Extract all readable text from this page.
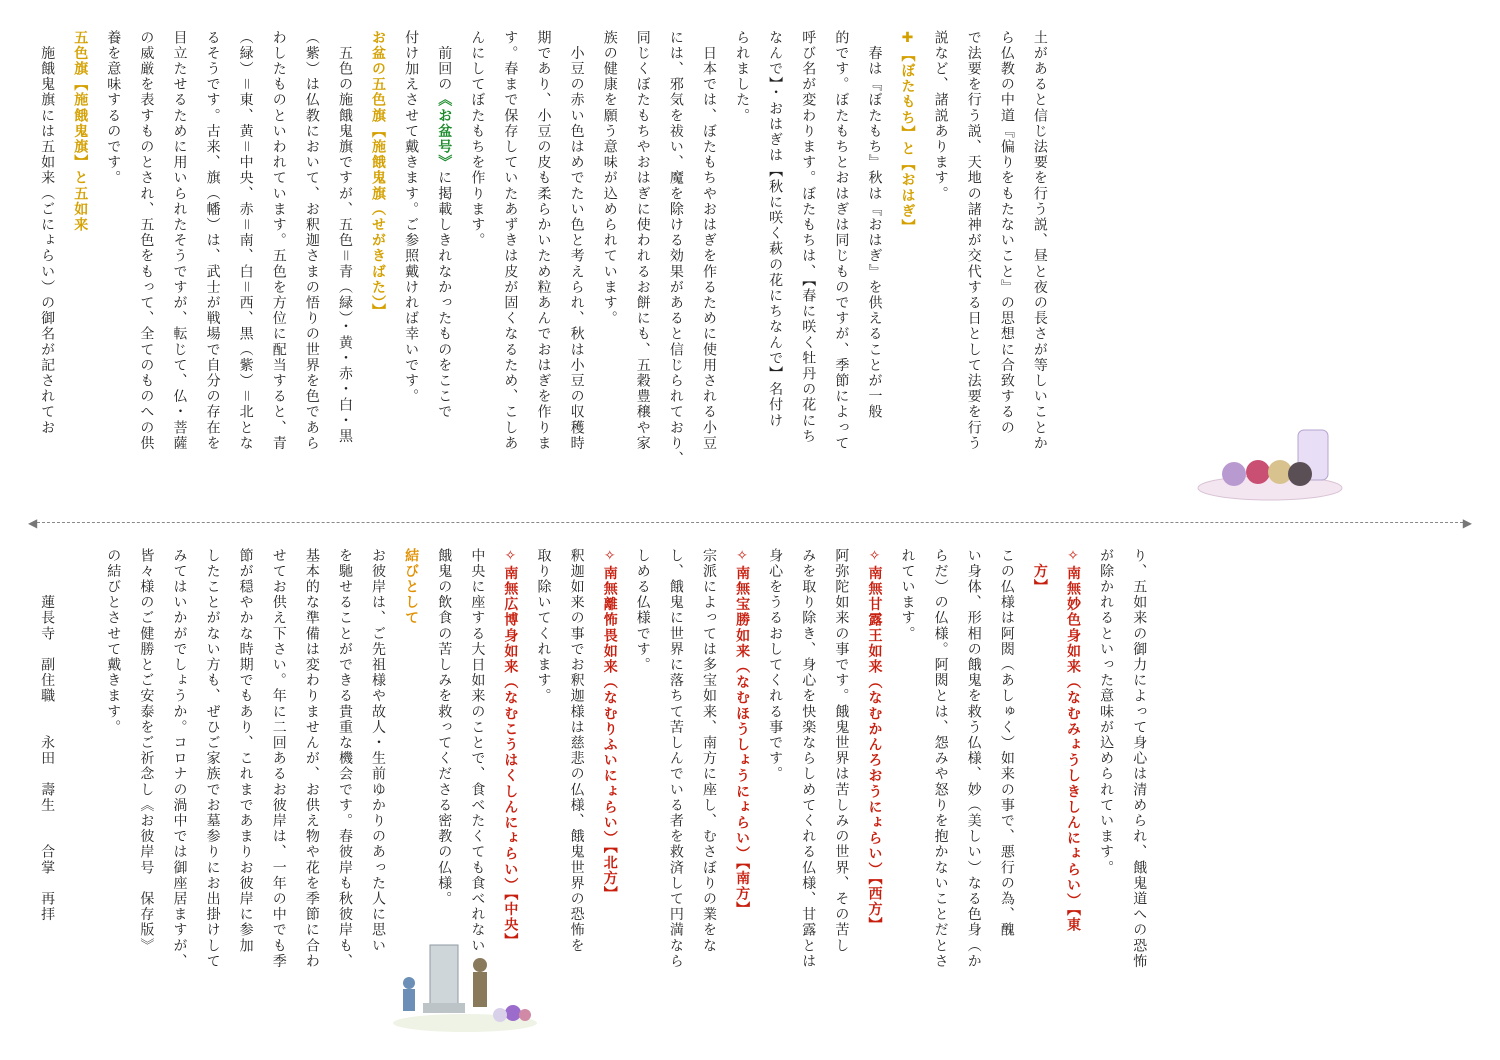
土があると信じ法要を行う説、昼と夜の長さが等しいことか

ら仏教の中道『偏りをもたないこと』の思想に合致するの

で法要を行う説、天地の諸神が交代する日として法要を行う

説など、諸説あります。

✚【ぼたもち】と【おはぎ】

　春は『ぼたもち』秋は『おはぎ』を供えることが一般

的です。ぼたもちとおはぎは同じものですが、季節によって

呼び名が変わります。ぼたもちは、【春に咲く牡丹の花にち

なんで】・おはぎは【秋に咲く萩の花にちなんで】名付け

られました。

　日本では、ぼたもちやおはぎを作るために使用される小豆

には、邪気を祓い、魔を除ける効果があると信じられており、

同じくぼたもちやおはぎに使われるお餅にも、五穀豊穣や家

族の健康を願う意味が込められています。

　小豆の赤い色はめでたい色と考えられ、秋は小豆の収穫時

期であり、小豆の皮も柔らかいため粒あんでおはぎを作りま

す。春まで保存していたあずきは皮が固くなるため、こしあ

んにしてぼたもちを作ります。

　前回の《お盆号》に掲載しきれなかったものをここで

付け加えさせて戴きます。ご参照戴ければ幸いです。

お盆の五色旗【施餓鬼旗（せがきばた）】

　五色の施餓鬼旗ですが、五色＝青（緑）・黄・赤・白・黒

（紫）は仏教において、お釈迦さまの悟りの世界を色であら

わしたものといわれています。五色を方位に配当すると、青

（緑）＝東、黄＝中央、赤＝南、白＝西、黒（紫）＝北とな

るそうです。古来、旗（幡）は、武士が戦場で自分の存在を

目立たせるために用いられたそうですが、転じて、仏・菩薩

の威厳を表すものとされ、五色をもって、全てのものへの供

養を意味するのです。

五色旗【施餓鬼旗】と五如来

　施餓鬼旗には五如来（ごにょらい）の御名が記されてお

◀	▶

り、五如来の御力によって身心は清められ、餓鬼道への恐怖

が除かれるといった意味が込められています。

✧南無妙色身如来（なむみょうしきしんにょらい）【東

　方】

この仏様は阿閦（あしゅく）如来の事で、悪行の為、醜

い身体、形相の餓鬼を救う仏様、妙（美しい）なる色身（か

らだ）の仏様。阿閦とは、怨みや怒りを抱かないことだとさ

れています。

✧南無甘露王如来（なむかんろおうにょらい）【西方】

阿弥陀如来の事です。餓鬼世界は苦しみの世界、その苦し

みを取り除き、身心を快楽ならしめてくれる仏様、甘露とは

身心をうるおしてくれる事です。

✧南無宝勝如来（なむほうしょうにょらい）【南方】

宗派によっては多宝如来、南方に座し、むさぼりの業をな

し、餓鬼に世界に落ちて苦しんでいる者を救済して円満なら

しめる仏様です。

✧南無離怖畏如来（なむりふいにょらい）【北方】

釈迦如来の事でお釈迦様は慈悲の仏様、餓鬼世界の恐怖を

取り除いてくれます。

✧南無広博身如来（なむこうはくしんにょらい）【中央】

中央に座する大日如来のことで、食べたくても食べれない

餓鬼の飲食の苦しみを救ってくださる密教の仏様。

結びとして

お彼岸は、ご先祖様や故人・生前ゆかりのあった人に思い

を馳せることができる貴重な機会です。春彼岸も秋彼岸も、

基本的な準備は変わりませんが、お供え物や花を季節に合わ

せてお供え下さい。年に二回あるお彼岸は、一年の中でも季

節が穏やかな時期でもあり、これまであまりお彼岸に参加

したことがない方も、ぜひご家族でお墓参りにお出掛けして

みてはいかがでしょうか。コロナの渦中では御座居ますが、

皆々様のご健勝とご安泰をご祈念し《お彼岸号　保存版》

の結びとさせて戴きます。

　　　蓮長寺　副住職　　永田　壽生　　合掌　再拝
